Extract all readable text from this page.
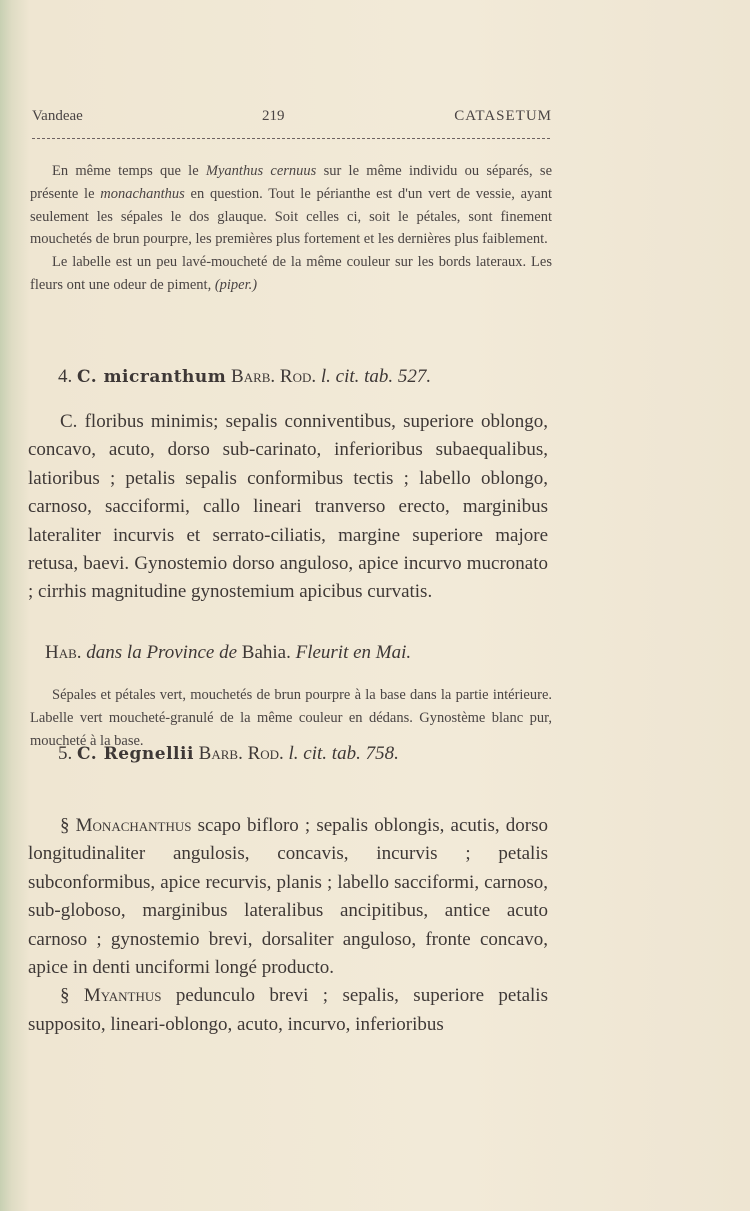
Vandeae	219	CATASETUM

En même temps que le Myanthus cernuus sur le même individu ou séparés, se présente le monachanthus en question. Tout le périanthe est d'un vert de vessie, ayant seulement les sépales le dos glauque. Soit celles ci, soit le pétales, sont finement mouchetés de brun pourpre, les premières plus fortement et les dernières plus faiblement.

Le labelle est un peu lavé-moucheté de la même couleur sur les bords lateraux. Les fleurs ont une odeur de piment, (piper.)

4. C. micranthum Barb. Rod. l. cit. tab. 527.

C. floribus minimis; sepalis conniventibus, superiore oblongo, concavo, acuto, dorso sub-carinato, inferioribus subaequalibus, latioribus ; petalis sepalis conformibus tectis ; labello oblongo, carnoso, sacciformi, callo lineari tranverso erecto, marginibus lateraliter incurvis et serrato-ciliatis, margine superiore majore retusa, baevi. Gynostemio dorso anguloso, apice incurvo mucronato ; cirrhis magnitudine gynostemium apicibus curvatis.

Hab. dans la Province de Bahia. Fleurit en Mai.

Sépales et pétales vert, mouchetés de brun pourpre à la base dans la partie intérieure. Labelle vert moucheté-granulé de la même couleur en dédans. Gynostème blanc pur, moucheté à la base.

5. C. Regnellii Barb. Rod. l. cit. tab. 758.

§ Monachanthus scapo bifloro ; sepalis oblongis, acutis, dorso longitudinaliter angulosis, concavis, incurvis ; petalis subconformibus, apice recurvis, planis ; labello sacciformi, carnoso, sub-globoso, marginibus lateralibus ancipitibus, antice acuto carnoso ; gynostemio brevi, dorsaliter anguloso, fronte concavo, apice in denti unciformi longé producto.

§ Myanthus pedunculo brevi ; sepalis, superiore petalis supposito, lineari-oblongo, acuto, incurvo, inferioribus
